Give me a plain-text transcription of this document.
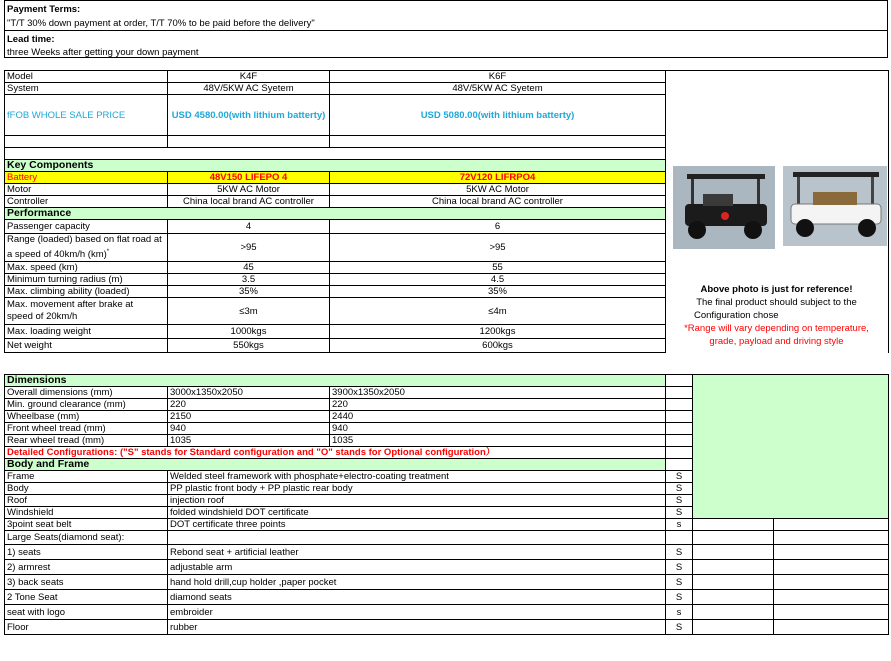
Payment Terms:
"T/T 30% down payment at order, T/T 70% to be paid before the delivery"
Lead time:
three Weeks after getting your down payment
Model	K4F	K6F	
System	48V/5KW AC Syetem	48V/5KW AC Syetem	
fFOB WHOLE SALE PRICE	USD 4580.00(with lithium batterty)	USD 5080.00(with lithium batterty)	

Key Components			
Battery	48V150 LIFEPO 4	72V120 LIFRPO4	
Motor	5KW AC Motor	5KW AC Motor	
Controller	China local brand AC controller	China local brand AC controller	
Performance			
Passenger capacity	4	6	
Range (loaded) based on flat road at
a speed of 40km/h (km)*	>95	>95	
Max. speed (km)	45	55	
Minimum turning radius (m)	3.5	4.5	
Max. climbing ability (loaded)	35%	35%	
Max. movement after brake at
speed of 20km/h	≤3m	≤4m	
Max. loading weight	1000kgs	1200kgs	
Net weight	550kgs	600kgs	
Dimensions					
Overall dimensions (mm)	3000x1350x2050	3900x1350x2050			
Min. ground clearance (mm)	220	220			
Wheelbase (mm)	2150	2440			
Front wheel tread (mm)	940	940			
Rear wheel tread (mm)	1035	1035			
Detailed Configurations: ("S" stands for Standard configuration and "O" stands for Optional configuration）					
Body and Frame					
Frame	Welded steel framework with phosphate+electro-coating treatment		S		
Body	PP plastic front body + PP plastic rear body		S		
Roof	injection roof		S		
Windshield	folded windshield DOT certificate		S		
3point seat belt	DOT certificate three points		s		
Large Seats(diamond seat):					
1) seats	Rebond seat + artificial leather		S		
2) armrest	adjustable arm		S		
3) back seats	hand hold drill,cup holder ,paper pocket		S		
2 Tone Seat	diamond seats		S		
seat with logo	embroider		s		
Floor	rubber		S		
Above photo is just for reference!
The final product should subject to the
Configuration chose
*Range will vary depending on temperature,
grade, payload and driving style
